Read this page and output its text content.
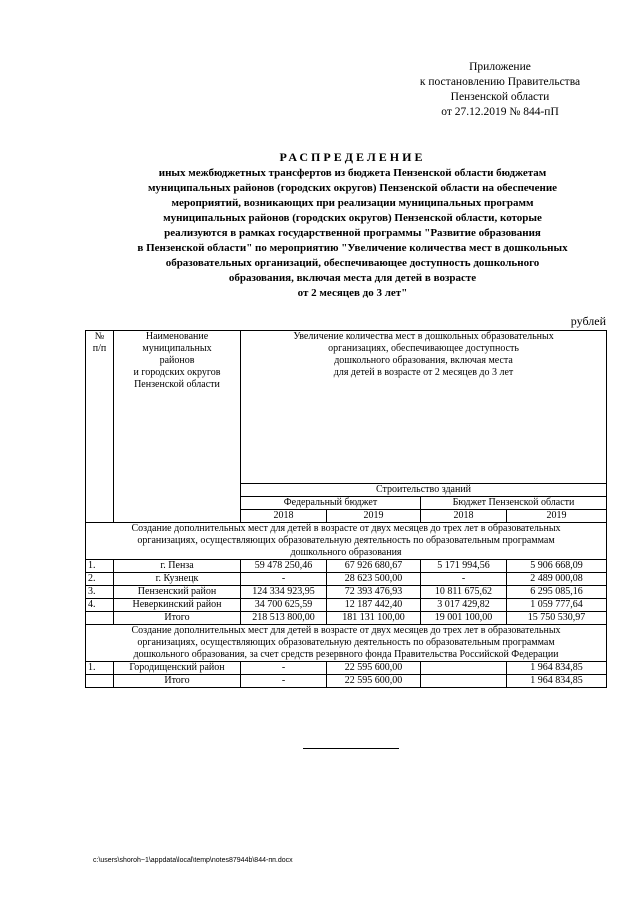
Приложение
к постановлению Правительства
Пензенской области
от 27.12.2019 № 844-пП
РАСПРЕДЕЛЕНИЕ
иных межбюджетных трансфертов из бюджета Пензенской области бюджетам
муниципальных районов (городских округов) Пензенской области на обеспечение
мероприятий, возникающих при реализации муниципальных программ
муниципальных районов (городских округов) Пензенской области, которые
реализуются в рамках государственной программы "Развитие образования
в Пензенской области" по мероприятию "Увеличение количества мест в дошкольных
образовательных организаций, обеспечивающее доступность дошкольного
образования, включая места для детей в возрасте
от 2 месяцев до 3 лет"
рублей
№
п/п	Наименование
муниципальных
районов
и городских округов
Пензенской области	Увеличение количества мест в дошкольных образовательных
организациях, обеспечивающее доступность
дошкольного образования, включая места
для детей в возрасте от 2 месяцев до 3 лет			
		Строительство зданий			
		Федеральный бюджет		Бюджет Пензенской области	
		2018	2019	2018	2019
Создание дополнительных мест для детей в возрасте от двух месяцев до трех лет в образовательных
организациях, осуществляющих образовательную деятельность по образовательным программам
дошкольного образования					
1.	г. Пенза	59 478 250,46	67 926 680,67	5 171 994,56	5 906 668,09
2.	г. Кузнецк	-	28 623 500,00	-	2 489 000,08
3.	Пензенский район	124 334 923,95	72 393 476,93	10 811 675,62	6 295 085,16
4.	Неверкинский район	34 700 625,59	12 187 442,40	3 017 429,82	1 059 777,64
	Итого	218 513 800,00	181 131 100,00	19 001 100,00	15 750 530,97
Создание дополнительных мест для детей в возрасте от двух месяцев до трех лет в образовательных
организациях, осуществляющих образовательную деятельность по образовательным программам
дошкольного образования, за счет средств резервного фонда Правительства Российской Федерации					
1.	Городищенский район	-	22 595 600,00		1 964 834,85
	Итого	-	22 595 600,00		1 964 834,85
c:\users\shoroh~1\appdata\local\temp\notes87944b\844-пп.docx
